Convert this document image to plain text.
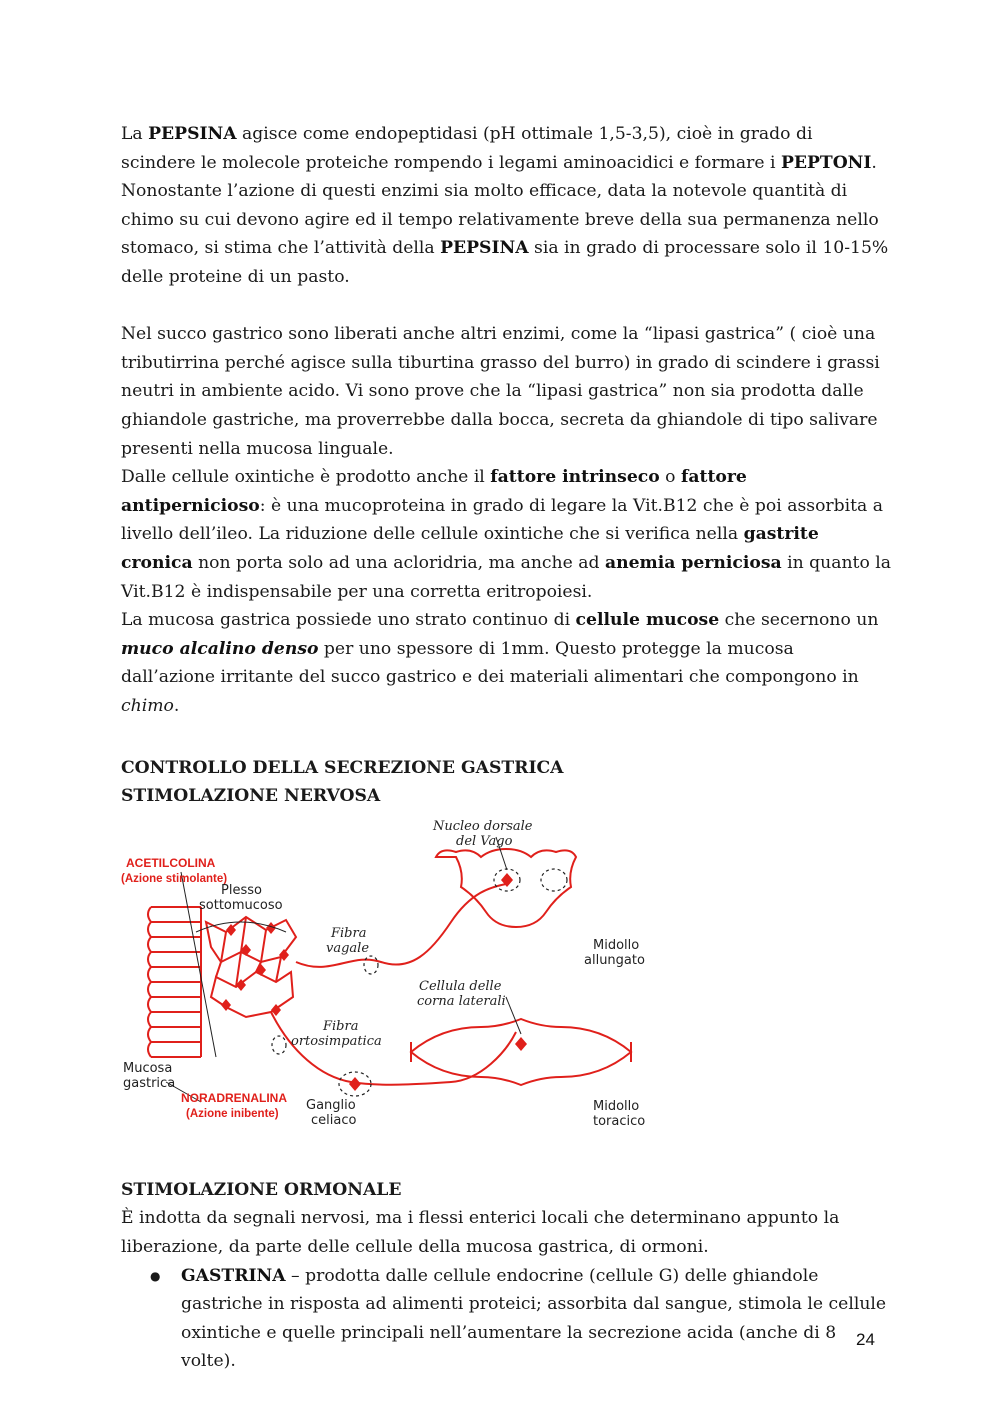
La PEPSINA agisce come endopeptidasi (pH ottimale 1,5-3,5), cioè in grado di scindere le molecole proteiche rompendo i legami aminoacidici e formare i PEPTONI. Nonostante l’azione di questi enzimi sia molto efficace, data la notevole quantità di chimo su cui devono agire ed il tempo relativamente breve della sua permanenza nello stomaco, si stima che l’attività della PEPSINA sia in grado di processare solo il 10-15% delle proteine di un pasto.

Nel succo gastrico sono liberati anche altri enzimi, come la “lipasi gastrica” ( cioè una tributirrina perché agisce sulla tiburtina grasso del burro) in grado di scindere i grassi neutri in ambiente acido. Vi sono prove che la “lipasi gastrica” non sia prodotta dalle ghiandole gastriche, ma proverrebbe dalla bocca, secreta da ghiandole di tipo salivare presenti nella mucosa linguale.

Dalle cellule oxintiche è prodotto anche il fattore intrinseco o fattore antipernicioso: è una mucoproteina in grado di legare la Vit.B12 che è poi assorbita a livello dell’ileo. La riduzione delle cellule oxintiche che si verifica nella gastrite cronica non porta solo ad una acloridria, ma anche ad anemia perniciosa in quanto la Vit.B12 è indispensabile per una corretta eritropoiesi.

La mucosa gastrica possiede uno strato continuo di cellule mucose che secernono un muco alcalino denso per uno spessore di 1mm. Questo protegge la mucosa dall’azione irritante del succo gastrico e dei materiali alimentari che compongono in chimo.

CONTROLLO DELLA SECREZIONE GASTRICA
STIMOLAZIONE NERVOSA
ACETILCOLINA
(Azione stimolante)
Plesso
sottomucoso
Nucleo dorsale
del Vago
Fibra
vagale	Midollo
allungato
Cellula delle
corna laterali
Fibra
ortosimpatica
Mucosa
gastrica
NORADRENALINA
(Azione inibente)
Ganglio
celiaco
Midollo
toracico
STIMOLAZIONE ORMONALE

È indotta da segnali nervosi, ma i flessi enterici locali che determinano appunto la liberazione, da parte delle cellule della mucosa gastrica, di ormoni.

● GASTRINA – prodotta dalle cellule endocrine (cellule G) delle ghiandole gastriche in risposta ad alimenti proteici; assorbita dal sangue, stimola le cellule oxintiche e quelle principali nell’aumentare la secrezione acida (anche di 8 volte).
24
